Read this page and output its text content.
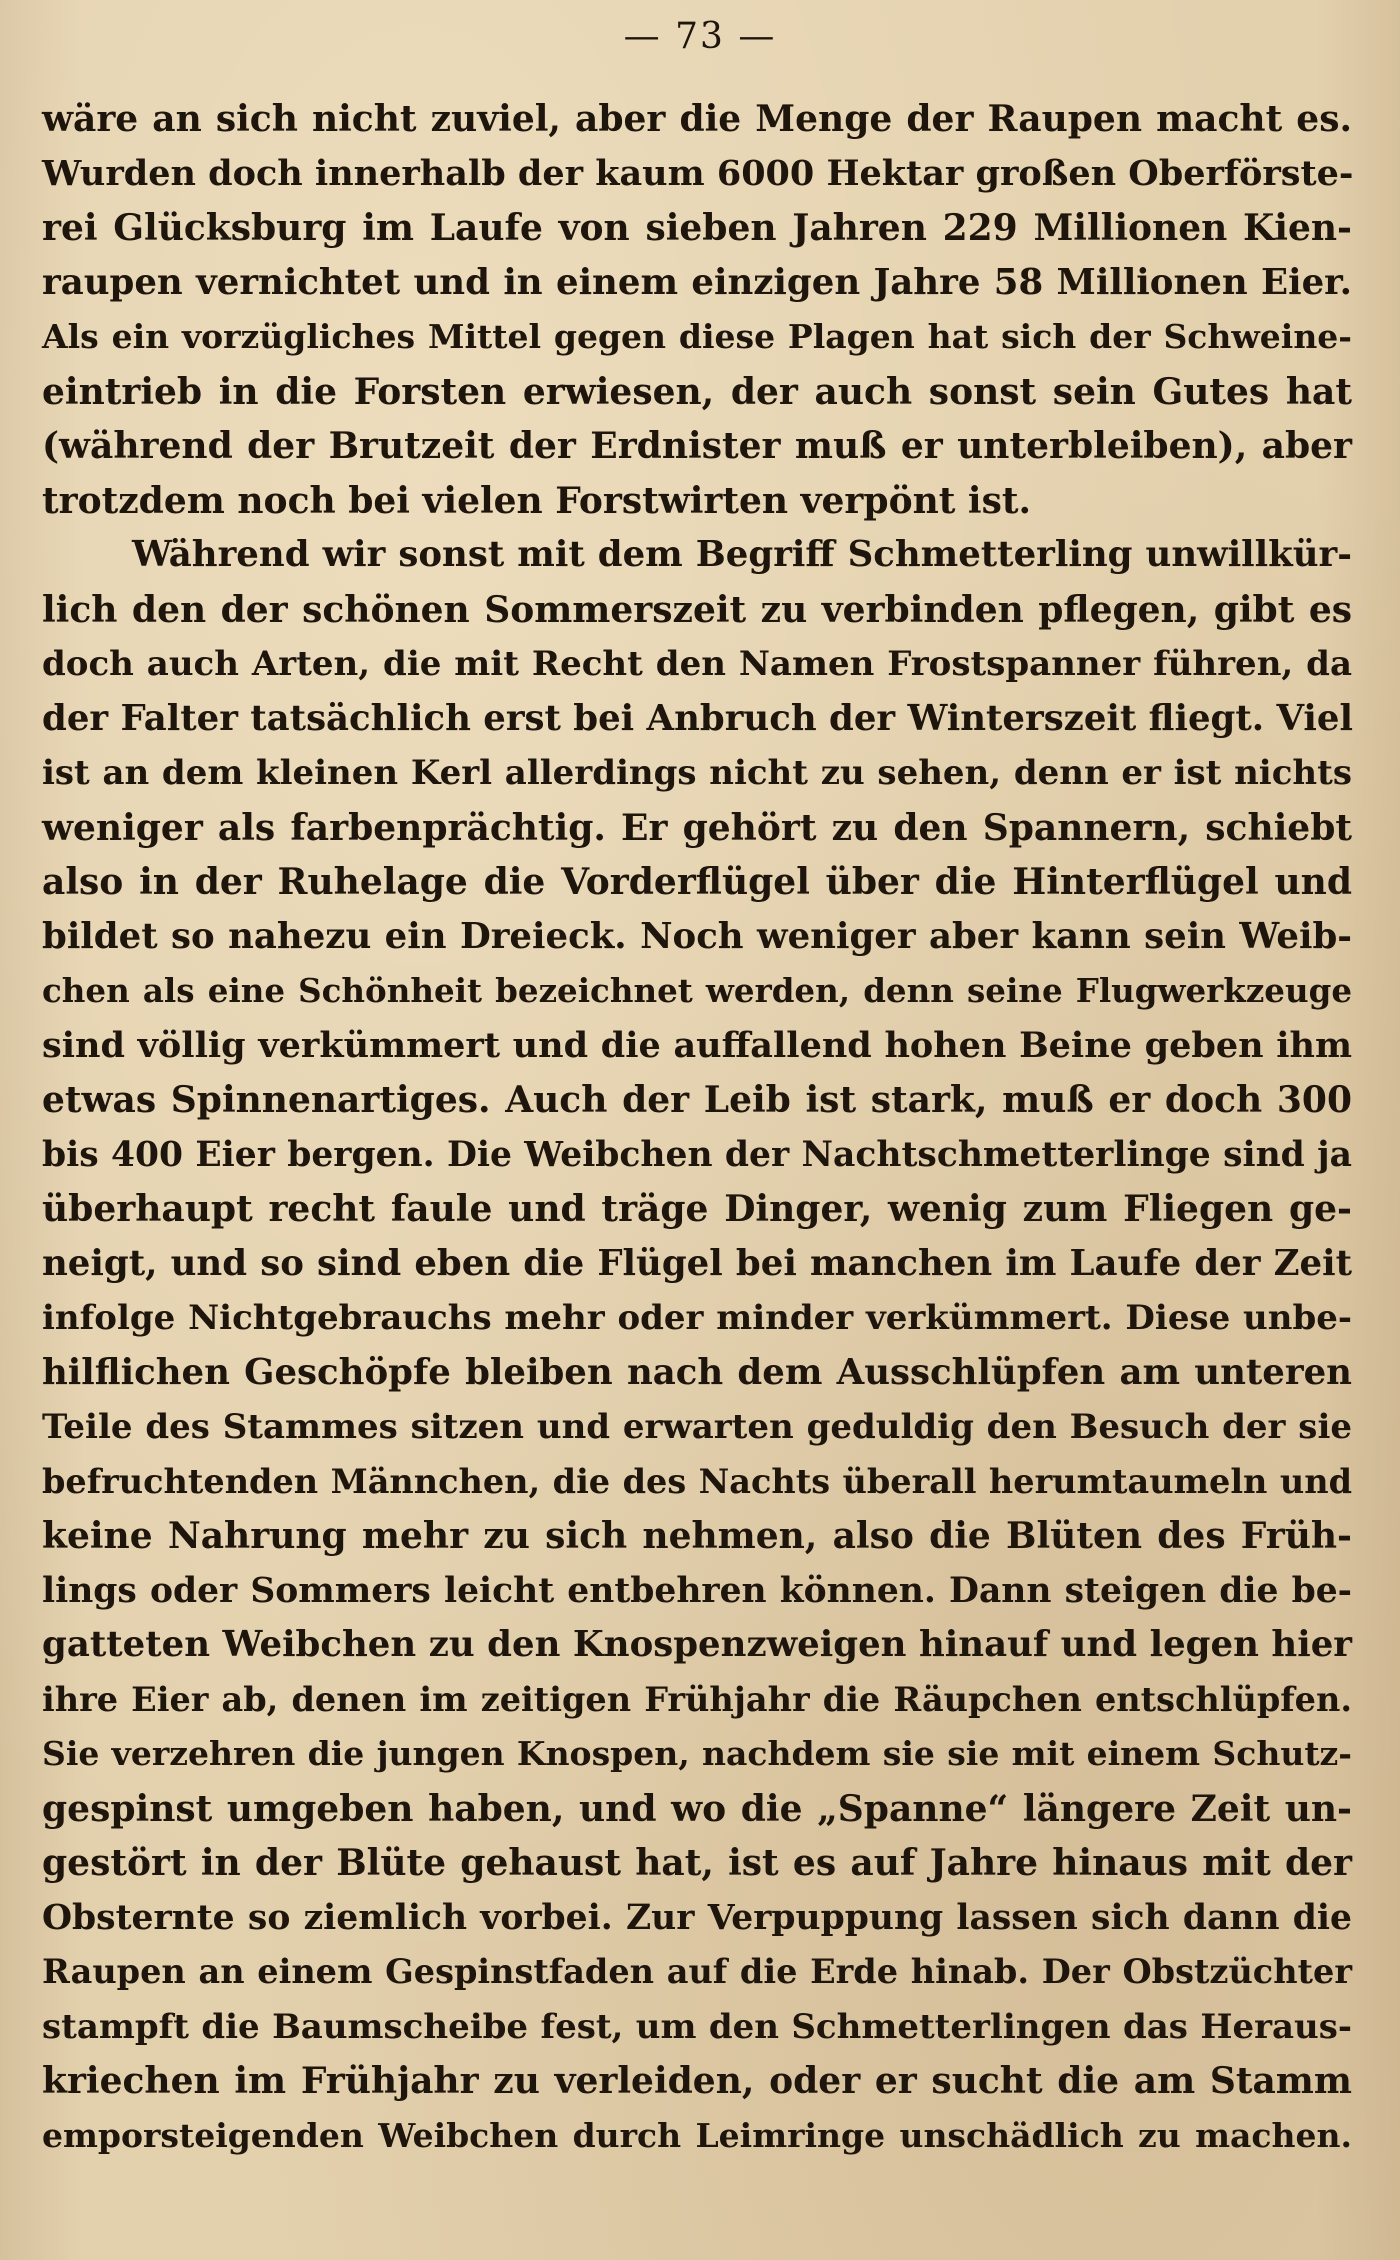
— 73 —
wäre an sich nicht zuviel, aber die Menge der Raupen macht es.
Wurden doch innerhalb der kaum 6000 Hektar großen Oberförste-
rei Glücksburg im Laufe von sieben Jahren 229 Millionen Kien-
raupen vernichtet und in einem einzigen Jahre 58 Millionen Eier.
Als ein vorzügliches Mittel gegen diese Plagen hat sich der Schweine-
eintrieb in die Forsten erwiesen, der auch sonst sein Gutes hat
(während der Brutzeit der Erdnister muß er unterbleiben), aber
trotzdem noch bei vielen Forstwirten verpönt ist.
Während wir sonst mit dem Begriff Schmetterling unwillkür-
lich den der schönen Sommerszeit zu verbinden pflegen, gibt es
doch auch Arten, die mit Recht den Namen Frostspanner führen, da
der Falter tatsächlich erst bei Anbruch der Winterszeit fliegt. Viel
ist an dem kleinen Kerl allerdings nicht zu sehen, denn er ist nichts
weniger als farbenprächtig. Er gehört zu den Spannern, schiebt
also in der Ruhelage die Vorderflügel über die Hinterflügel und
bildet so nahezu ein Dreieck. Noch weniger aber kann sein Weib-
chen als eine Schönheit bezeichnet werden, denn seine Flugwerkzeuge
sind völlig verkümmert und die auffallend hohen Beine geben ihm
etwas Spinnenartiges. Auch der Leib ist stark, muß er doch 300
bis 400 Eier bergen. Die Weibchen der Nachtschmetterlinge sind ja
überhaupt recht faule und träge Dinger, wenig zum Fliegen ge-
neigt, und so sind eben die Flügel bei manchen im Laufe der Zeit
infolge Nichtgebrauchs mehr oder minder verkümmert. Diese unbe-
hilflichen Geschöpfe bleiben nach dem Ausschlüpfen am unteren
Teile des Stammes sitzen und erwarten geduldig den Besuch der sie
befruchtenden Männchen, die des Nachts überall herumtaumeln und
keine Nahrung mehr zu sich nehmen, also die Blüten des Früh-
lings oder Sommers leicht entbehren können. Dann steigen die be-
gatteten Weibchen zu den Knospenzweigen hinauf und legen hier
ihre Eier ab, denen im zeitigen Frühjahr die Räupchen entschlüpfen.
Sie verzehren die jungen Knospen, nachdem sie sie mit einem Schutz-
gespinst umgeben haben, und wo die „Spanne“ längere Zeit un-
gestört in der Blüte gehaust hat, ist es auf Jahre hinaus mit der
Obsternte so ziemlich vorbei. Zur Verpuppung lassen sich dann die
Raupen an einem Gespinstfaden auf die Erde hinab. Der Obstzüchter
stampft die Baumscheibe fest, um den Schmetterlingen das Heraus-
kriechen im Frühjahr zu verleiden, oder er sucht die am Stamm
emporsteigenden Weibchen durch Leimringe unschädlich zu machen.
